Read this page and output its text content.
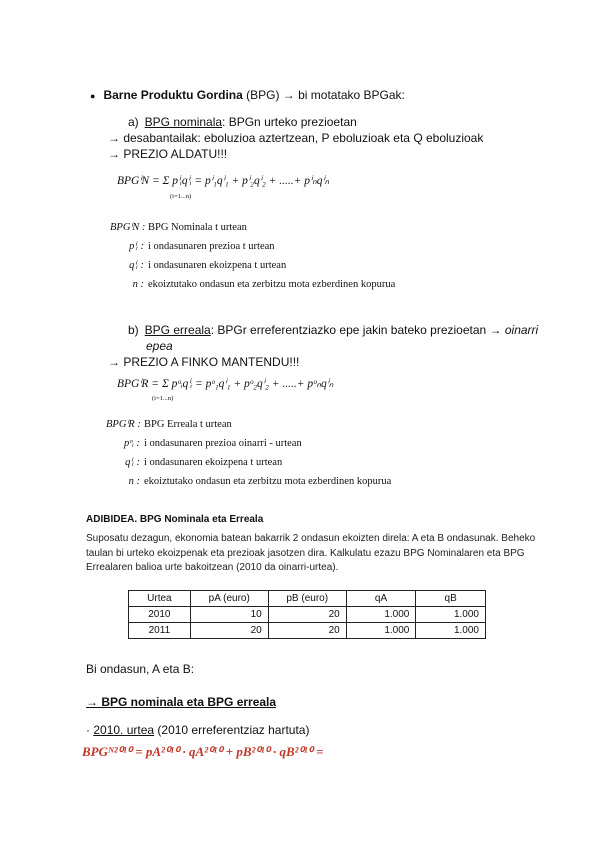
● Barne Produktu Gordina (BPG) → bi motatako BPGak:
a) BPG nominala: BPGn urteko prezioetan
→ desabantailak: eboluzioa aztertzean, P eboluzioak eta Q eboluzioak
→ PREZIO ALDATU!!!
BPGⁱN = Σ pⁱᵢqⁱᵢ = pⁱ₁qⁱ₁ + pⁱ₂qⁱ₂ + .....+ pⁱₙqⁱₙ
(i=1...n)
BPGⁱN : BPG Nominala t urtean
pⁱᵢ : i ondasunaren prezioa t urtean
qⁱᵢ : i ondasunaren ekoizpena t urtean
n : ekoiztutako ondasun eta zerbitzu mota ezberdinen kopurua
b) BPG erreala: BPGr erreferentziazko epe jakin bateko prezioetan → oinarri
epea
→ PREZIO A FINKO MANTENDU!!!
BPGⁱR = Σ pᵒᵢqⁱᵢ = pᵒ₁qⁱ₁ + pᵒ₂qⁱ₂ + .....+ pᵒₙqⁱₙ
(i=1...n)
BPGⁱR : BPG Erreala t urtean
pᵒᵢ : i ondasunaren prezioa oinarri - urtean
qⁱᵢ : i ondasunaren ekoizpena t urtean
n : ekoiztutako ondasun eta zerbitzu mota ezberdinen kopurua
ADIBIDEA. BPG Nominala eta Erreala
Suposatu dezagun, ekonomia batean bakarrik 2 ondasun ekoizten direla: A eta B ondasunak. Beheko
taulan bi urteko ekoizpenak eta prezioak jasotzen dira. Kalkulatu ezazu BPG Nominalaren eta BPG
Errealaren balioa urte bakoitzean (2010 da oinarri-urtea).
Urtea	pA (euro)	pB (euro)	qA	qB
2010	10	20	1.000	1.000
2011	20	20	1.000	1.000
Bi ondasun, A eta B:
→ BPG nominala eta BPG erreala
· 2010. urtea (2010 erreferentziaz hartuta)
BPGᴺ²⁰¹⁰ = pA²⁰¹⁰ · qA²⁰¹⁰ + pB²⁰¹⁰ · qB²⁰¹⁰ =
